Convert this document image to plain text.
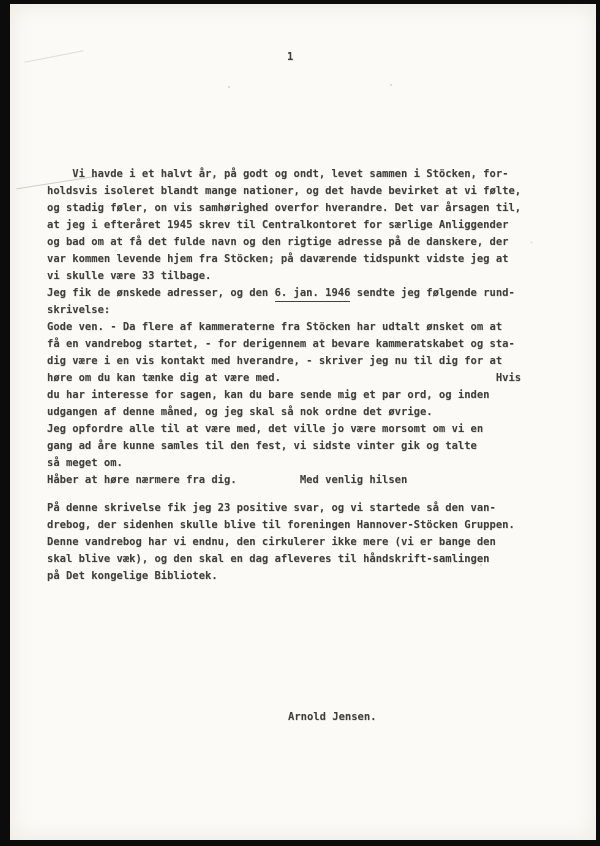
1
Vi havde i et halvt år, på godt og ondt, levet sammen i Stöcken, for-
holdsvis isoleret blandt mange nationer, og det havde bevirket at vi følte,
og stadig føler, on vis samhørighed overfor hverandre. Det var årsagen til,
at jeg i efteråret 1945 skrev til Centralkontoret for særlige Anliggender
og bad om at få det fulde navn og den rigtige adresse på de danskere, der
var kommen levende hjem fra Stöcken; på daværende tidspunkt vidste jeg at
vi skulle være 33 tilbage.
Jeg fik de ønskede adresser, og den 6. jan. 1946 sendte jeg følgende rund-
skrivelse:
Gode ven. - Da flere af kammeraterne fra Stöcken har udtalt ønsket om at
få en vandrebog startet, - for derigennem at bevare kammeratskabet og sta-
dig være i en vis kontakt med hverandre, - skriver jeg nu til dig for at
høre om du kan tænke dig at være med.                                  Hvis
du har interesse for sagen, kan du bare sende mig et par ord, og inden
udgangen af denne måned, og jeg skal så nok ordne det øvrige.
Jeg opfordre alle til at være med, det ville jo være morsomt om vi en
gang ad åre kunne samles til den fest, vi sidste vinter gik og talte
så meget om.
Håber at høre nærmere fra dig.          Med venlig hilsen
På denne skrivelse fik jeg 23 positive svar, og vi startede så den van-
drebog, der sidenhen skulle blive til foreningen Hannover-Stöcken Gruppen.
Denne vandrebog har vi endnu, den cirkulerer ikke mere (vi er bange den
skal blive væk), og den skal en dag afleveres til håndskrift-samlingen
på Det kongelige Bibliotek.
Arnold Jensen.
